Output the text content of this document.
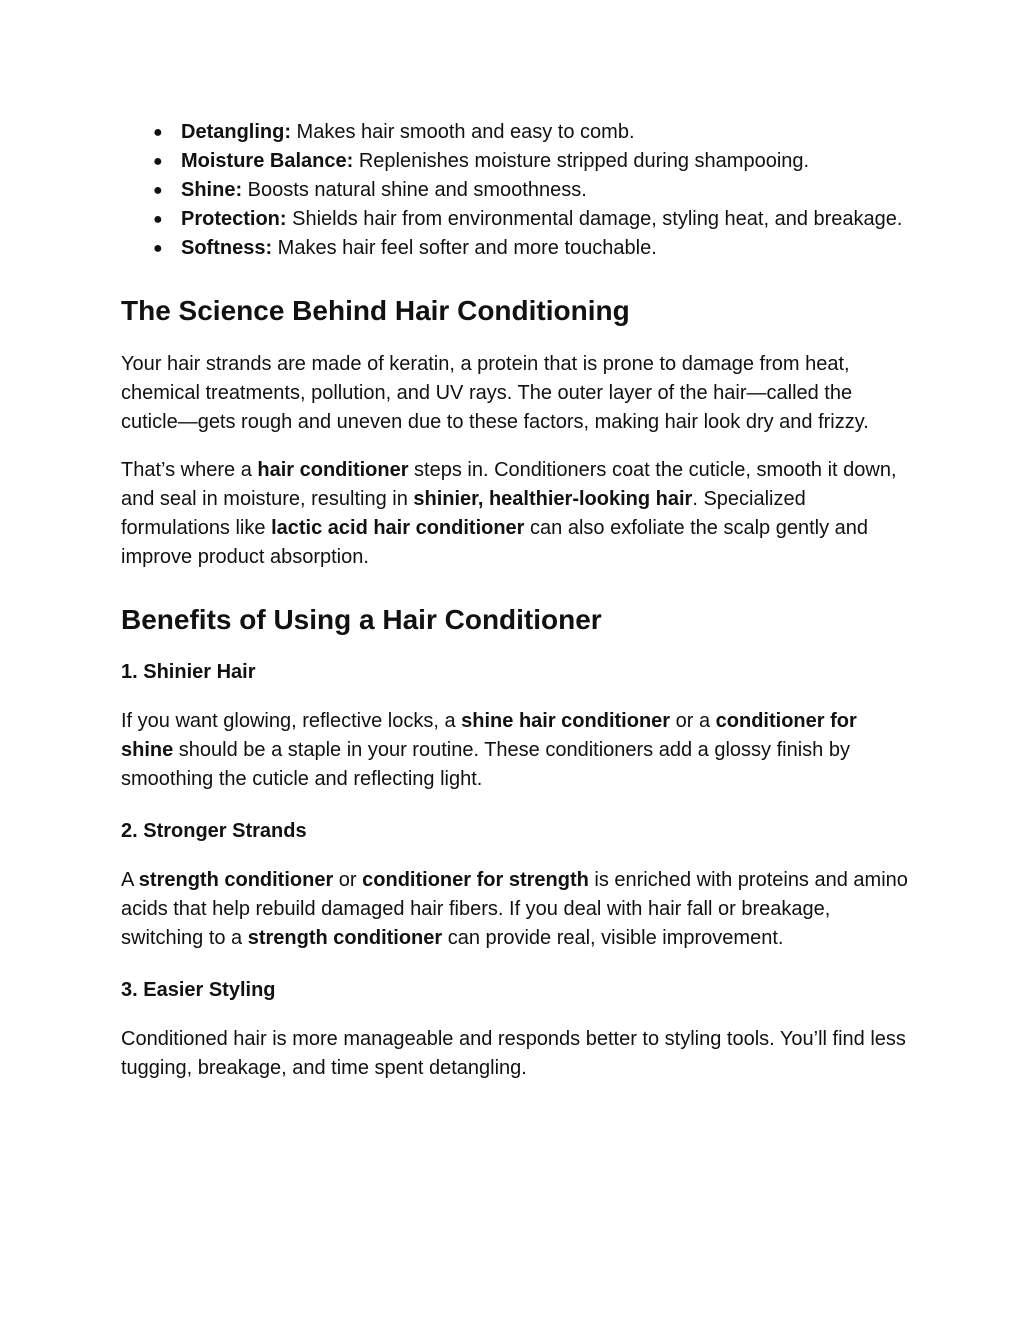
● Detangling: Makes hair smooth and easy to comb.
● Moisture Balance: Replenishes moisture stripped during shampooing.
● Shine: Boosts natural shine and smoothness.
● Protection: Shields hair from environmental damage, styling heat, and breakage.
● Softness: Makes hair feel softer and more touchable.
The Science Behind Hair Conditioning

Your hair strands are made of keratin, a protein that is prone to damage from heat, chemical treatments, pollution, and UV rays. The outer layer of the hair—called the cuticle—gets rough and uneven due to these factors, making hair look dry and frizzy.

That’s where a hair conditioner steps in. Conditioners coat the cuticle, smooth it down, and seal in moisture, resulting in shinier, healthier-looking hair. Specialized formulations like lactic acid hair conditioner can also exfoliate the scalp gently and improve product absorption.

Benefits of Using a Hair Conditioner
1. Shinier Hair

If you want glowing, reflective locks, a shine hair conditioner or a conditioner for shine should be a staple in your routine. These conditioners add a glossy finish by smoothing the cuticle and reflecting light.

2. Stronger Strands

A strength conditioner or conditioner for strength is enriched with proteins and amino acids that help rebuild damaged hair fibers. If you deal with hair fall or breakage, switching to a strength conditioner can provide real, visible improvement.

3. Easier Styling

Conditioned hair is more manageable and responds better to styling tools. You’ll find less tugging, breakage, and time spent detangling.
